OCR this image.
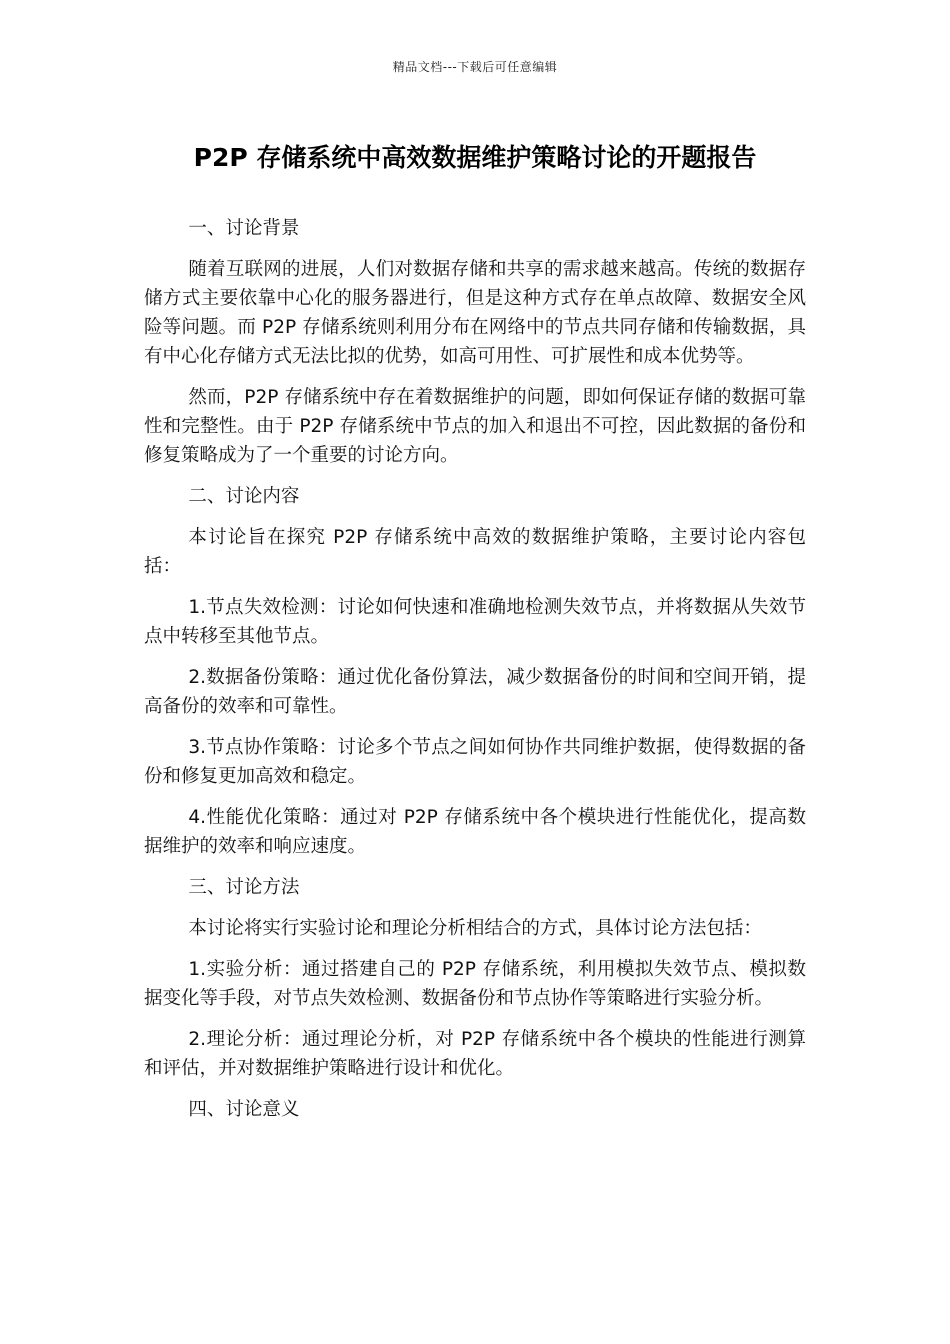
精品文档---下载后可任意编辑
P2P 存储系统中高效数据维护策略讨论的开题报告

一、讨论背景

随着互联网的进展，人们对数据存储和共享的需求越来越高。传统的数据存储方式主要依靠中心化的服务器进行，但是这种方式存在单点故障、数据安全风险等问题。而 P2P 存储系统则利用分布在网络中的节点共同存储和传输数据，具有中心化存储方式无法比拟的优势，如高可用性、可扩展性和成本优势等。

然而，P2P 存储系统中存在着数据维护的问题，即如何保证存储的数据可靠性和完整性。由于 P2P 存储系统中节点的加入和退出不可控，因此数据的备份和修复策略成为了一个重要的讨论方向。

二、讨论内容

本讨论旨在探究 P2P 存储系统中高效的数据维护策略，主要讨论内容包括：

1.节点失效检测：讨论如何快速和准确地检测失效节点，并将数据从失效节点中转移至其他节点。

2.数据备份策略：通过优化备份算法，减少数据备份的时间和空间开销，提高备份的效率和可靠性。

3.节点协作策略：讨论多个节点之间如何协作共同维护数据，使得数据的备份和修复更加高效和稳定。

4.性能优化策略：通过对 P2P 存储系统中各个模块进行性能优化，提高数据维护的效率和响应速度。

三、讨论方法

本讨论将实行实验讨论和理论分析相结合的方式，具体讨论方法包括：

1.实验分析：通过搭建自己的 P2P 存储系统，利用模拟失效节点、模拟数据变化等手段，对节点失效检测、数据备份和节点协作等策略进行实验分析。

2.理论分析：通过理论分析，对 P2P 存储系统中各个模块的性能进行测算和评估，并对数据维护策略进行设计和优化。

四、讨论意义
